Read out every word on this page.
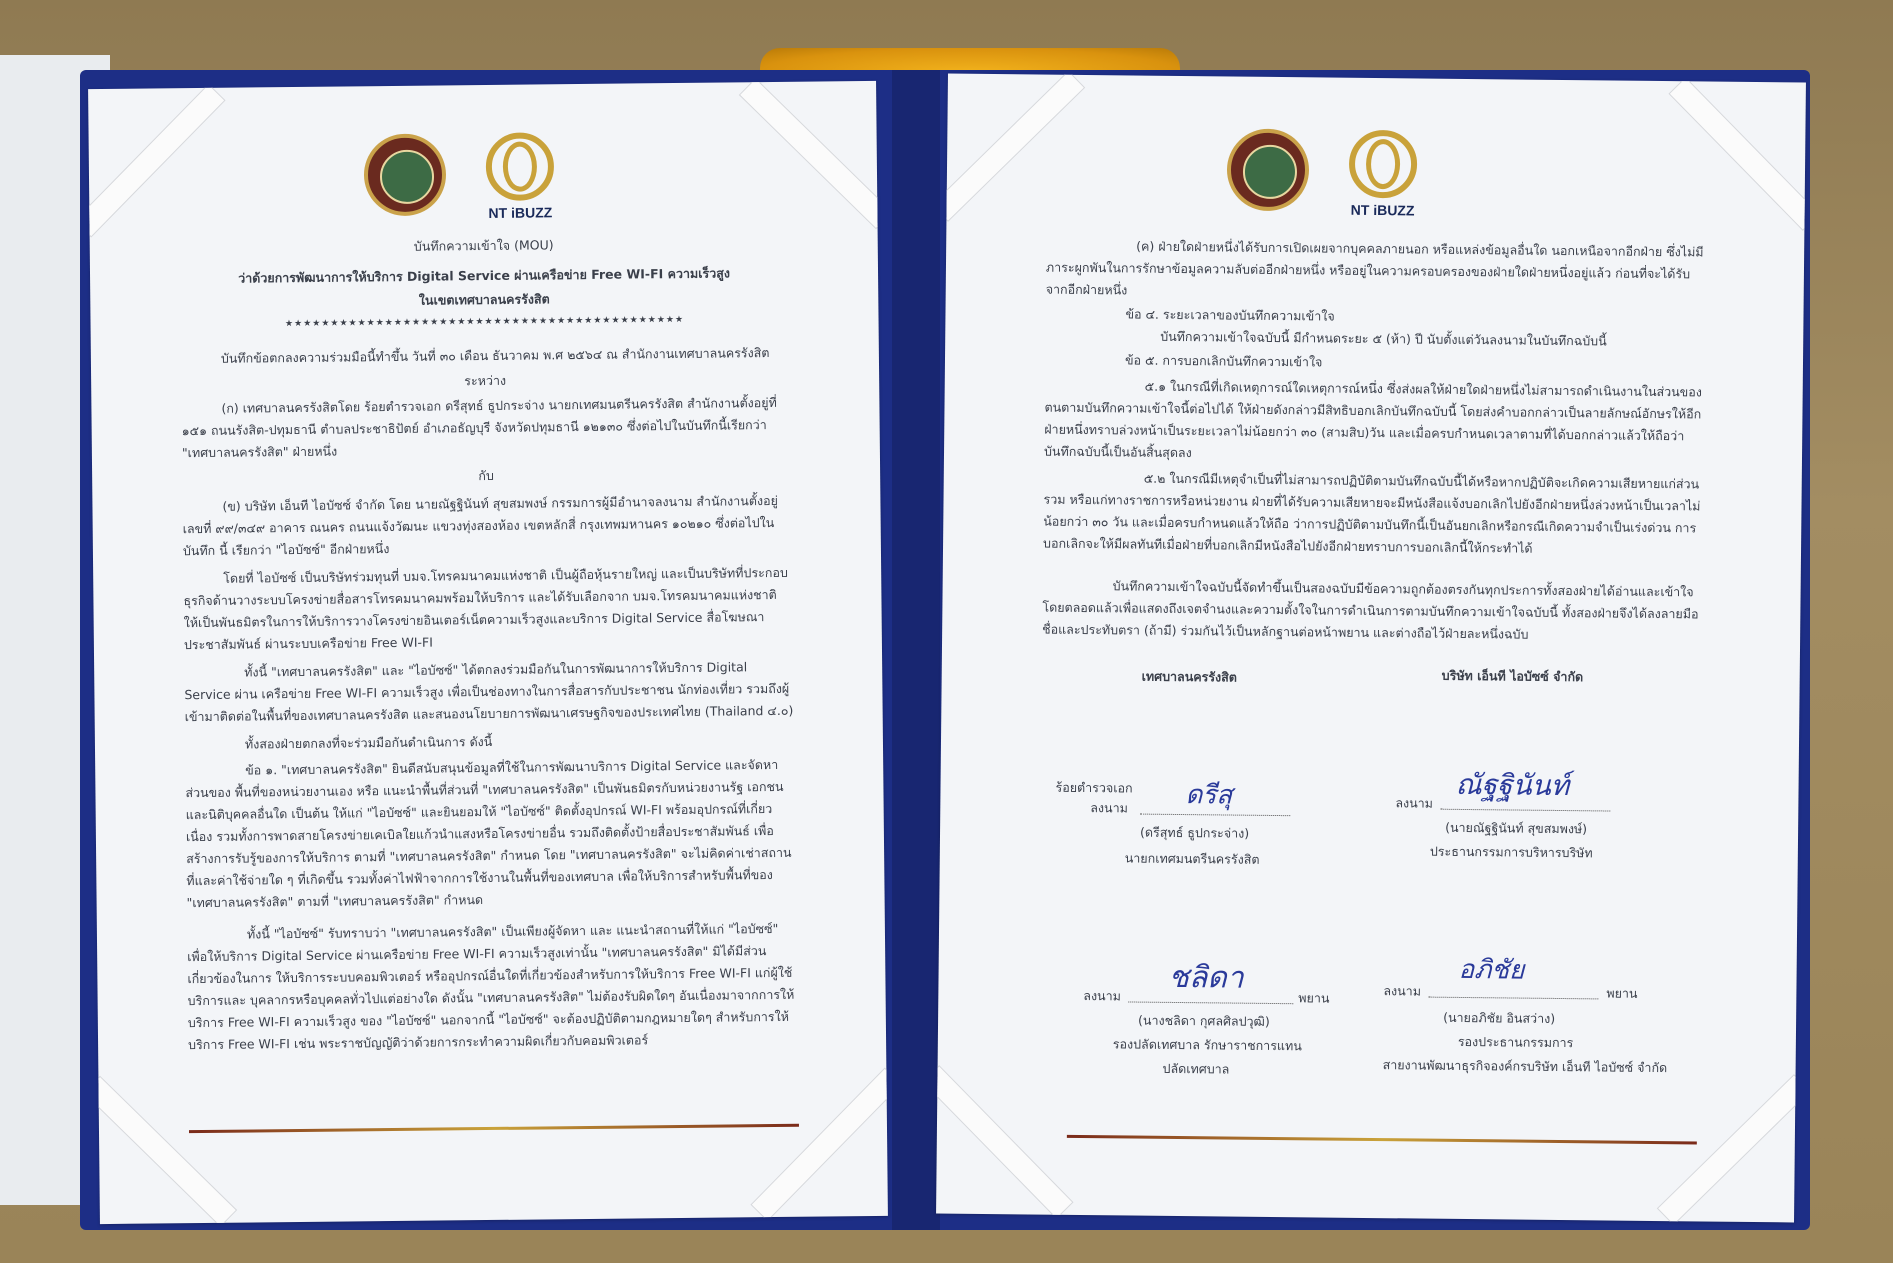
NT iBUZZ
บันทึกความเข้าใจ (MOU)
ว่าด้วยการพัฒนาการให้บริการ Digital Service ผ่านเครือข่าย Free WI-FI ความเร็วสูง
ในเขตเทศบาลนครรังสิต
★★★★★★★★★★★★★★★★★★★★★★★★★★★★★★★★★★★★★★★★★★★★
บันทึกข้อตกลงความร่วมมือนี้ทำขึ้น วันที่ ๓๐ เดือน ธันวาคม พ.ศ ๒๕๖๔ ณ สำนักงานเทศบาลนครรังสิต
ระหว่าง
(ก) เทศบาลนครรังสิตโดย ร้อยตำรวจเอก ดรีสุทธ์ ธูปกระจ่าง นายกเทศมนตรีนครรังสิต สำนักงานตั้งอยู่ที่ ๑๕๑ ถนนรังสิต-ปทุมธานี ตำบลประชาธิปัตย์ อำเภอธัญบุรี จังหวัดปทุมธานี ๑๒๑๓๐ ซึ่งต่อไปในบันทึกนี้เรียกว่า "เทศบาลนครรังสิต" ฝ่ายหนึ่ง
กับ
(ข) บริษัท เอ็นที ไอบัซซ์ จำกัด โดย นายณัฐฐินันท์ สุขสมพงษ์ กรรมการผู้มีอำนาจลงนาม สำนักงานตั้งอยู่เลขที่ ๙๙/๓๔๙ อาคาร ณนคร ถนนแจ้งวัฒนะ แขวงทุ่งสองห้อง เขตหลักสี่ กรุงเทพมหานคร ๑๐๒๑๐ ซึ่งต่อไปในบันทึก นี้ เรียกว่า "ไอบัซซ์" อีกฝ่ายหนึ่ง
โดยที่ ไอบัซซ์ เป็นบริษัทร่วมทุนที่ บมจ.โทรคมนาคมแห่งชาติ เป็นผู้ถือหุ้นรายใหญ่ และเป็นบริษัทที่ประกอบธุรกิจด้านวางระบบโครงข่ายสื่อสารโทรคมนาคมพร้อมให้บริการ และได้รับเลือกจาก บมจ.โทรคมนาคมแห่งชาติ ให้เป็นพันธมิตรในการให้บริการวางโครงข่ายอินเตอร์เน็ตความเร็วสูงและบริการ Digital Service สื่อโฆษณา ประชาสัมพันธ์ ผ่านระบบเครือข่าย Free WI-FI
ทั้งนี้ "เทศบาลนครรังสิต" และ "ไอบัซซ์" ได้ตกลงร่วมมือกันในการพัฒนาการให้บริการ Digital Service ผ่าน เครือข่าย Free WI-FI ความเร็วสูง เพื่อเป็นช่องทางในการสื่อสารกับประชาชน นักท่องเที่ยว รวมถึงผู้เข้ามาติดต่อในพื้นที่ของเทศบาลนครรังสิต และสนองนโยบายการพัฒนาเศรษฐกิจของประเทศไทย (Thailand ๔.๐)
ทั้งสองฝ่ายตกลงที่จะร่วมมือกันดำเนินการ ดังนี้
ข้อ ๑. "เทศบาลนครรังสิต" ยินดีสนับสนุนข้อมูลที่ใช้ในการพัฒนาบริการ Digital Service และจัดหาส่วนของ พื้นที่ของหน่วยงานเอง หรือ แนะนำพื้นที่ส่วนที่ "เทศบาลนครรังสิต" เป็นพันธมิตรกับหน่วยงานรัฐ เอกชน และนิติบุคคลอื่นใด เป็นต้น ให้แก่ "ไอบัซซ์" และยินยอมให้ "ไอบัซซ์" ติดตั้งอุปกรณ์ WI-FI พร้อมอุปกรณ์ที่เกี่ยวเนื่อง รวมทั้งการพาดสายโครงข่ายเคเบิลใยแก้วนำแสงหรือโครงข่ายอื่น รวมถึงติดตั้งป้ายสื่อประชาสัมพันธ์ เพื่อสร้างการรับรู้ของการให้บริการ ตามที่ "เทศบาลนครรังสิต" กำหนด โดย "เทศบาลนครรังสิต" จะไม่คิดค่าเช่าสถานที่และค่าใช้จ่ายใด ๆ ที่เกิดขึ้น รวมทั้งค่าไฟฟ้าจากการใช้งานในพื้นที่ของเทศบาล เพื่อให้บริการสำหรับพื้นที่ของ "เทศบาลนครรังสิต" ตามที่ "เทศบาลนครรังสิต" กำหนด
ทั้งนี้ "ไอบัซซ์" รับทราบว่า "เทศบาลนครรังสิต" เป็นเพียงผู้จัดหา และ แนะนำสถานที่ให้แก่ "ไอบัซซ์" เพื่อให้บริการ Digital Service ผ่านเครือข่าย Free WI-FI ความเร็วสูงเท่านั้น "เทศบาลนครรังสิต" มิได้มีส่วนเกี่ยวข้องในการ ให้บริการระบบคอมพิวเตอร์ หรืออุปกรณ์อื่นใดที่เกี่ยวข้องสำหรับการให้บริการ Free WI-FI แก่ผู้ใช้บริการและ บุคลากรหรือบุคคลทั่วไปแต่อย่างใด ดังนั้น "เทศบาลนครรังสิต" ไม่ต้องรับผิดใดๆ อันเนื่องมาจากการให้บริการ Free WI-FI ความเร็วสูง ของ "ไอบัซซ์" นอกจากนี้ "ไอบัซซ์" จะต้องปฏิบัติตามกฎหมายใดๆ สำหรับการให้บริการ Free WI-FI เช่น พระราชบัญญัติว่าด้วยการกระทำความผิดเกี่ยวกับคอมพิวเตอร์
NT iBUZZ
(ค) ฝ่ายใดฝ่ายหนึ่งได้รับการเปิดเผยจากบุคคลภายนอก หรือแหล่งข้อมูลอื่นใด นอกเหนือจากอีกฝ่าย ซึ่งไม่มีภาระผูกพันในการรักษาข้อมูลความลับต่ออีกฝ่ายหนึ่ง หรืออยู่ในความครอบครองของฝ่ายใดฝ่ายหนึ่งอยู่แล้ว ก่อนที่จะได้รับจากอีกฝ่ายหนึ่ง
ข้อ ๔. ระยะเวลาของบันทึกความเข้าใจ
บันทึกความเข้าใจฉบับนี้ มีกำหนดระยะ ๕ (ห้า) ปี นับตั้งแต่วันลงนามในบันทึกฉบับนี้
ข้อ ๕. การบอกเลิกบันทึกความเข้าใจ
๕.๑ ในกรณีที่เกิดเหตุการณ์ใดเหตุการณ์หนึ่ง ซึ่งส่งผลให้ฝ่ายใดฝ่ายหนึ่งไม่สามารถดำเนินงานในส่วนของตนตามบันทึกความเข้าใจนี้ต่อไปได้ ให้ฝ่ายดังกล่าวมีสิทธิบอกเลิกบันทึกฉบับนี้ โดยส่งคำบอกกล่าวเป็นลายลักษณ์อักษรให้อีกฝ่ายหนึ่งทราบล่วงหน้าเป็นระยะเวลาไม่น้อยกว่า ๓๐ (สามสิบ)วัน และเมื่อครบกำหนดเวลาตามที่ได้บอกกล่าวแล้วให้ถือว่าบันทึกฉบับนี้เป็นอันสิ้นสุดลง
๕.๒ ในกรณีมีเหตุจำเป็นที่ไม่สามารถปฏิบัติตามบันทึกฉบับนี้ได้หรือหากปฏิบัติจะเกิดความเสียหายแก่ส่วนรวม หรือแก่ทางราชการหรือหน่วยงาน ฝ่ายที่ได้รับความเสียหายจะมีหนังสือแจ้งบอกเลิกไปยังอีกฝ่ายหนึ่งล่วงหน้าเป็นเวลาไม่น้อยกว่า ๓๐ วัน และเมื่อครบกำหนดแล้วให้ถือ ว่าการปฏิบัติตามบันทึกนี้เป็นอันยกเลิกหรือกรณีเกิดความจำเป็นเร่งด่วน การบอกเลิกจะให้มีผลทันทีเมื่อฝ่ายที่บอกเลิกมีหนังสือไปยังอีกฝ่ายทราบการบอกเลิกนี้ให้กระทำได้
บันทึกความเข้าใจฉบับนี้จัดทำขึ้นเป็นสองฉบับมีข้อความถูกต้องตรงกันทุกประการทั้งสองฝ่ายได้อ่านและเข้าใจโดยตลอดแล้วเพื่อแสดงถึงเจตจำนงและความตั้งใจในการดำเนินการตามบันทึกความเข้าใจฉบับนี้ ทั้งสองฝ่ายจึงได้ลงลายมือชื่อและประทับตรา (ถ้ามี) ร่วมกันไว้เป็นหลักฐานต่อหน้าพยาน และต่างถือไว้ฝ่ายละหนึ่งฉบับ
เทศบาลนครรังสิต	บริษัท เอ็นที ไอบัซซ์ จำกัด
ร้อยตำรวจเอก
ลงนาม ดรีสุ
(ดรีสุทธ์ ธูปกระจ่าง)
นายกเทศมนตรีนครรังสิต
ลงนาม
ณัฐฐินันท์
(นายณัฐฐินันท์ สุขสมพงษ์)
ประธานกรรมการบริหารบริษัท
ลงนาม	พยาน
ชลิดา
(นางชลิดา กุศลศิลปวุฒิ)
รองปลัดเทศบาล รักษาราชการแทน
ปลัดเทศบาล
ลงนาม	พยาน
อภิชัย
(นายอภิชัย อินสว่าง)
รองประธานกรรมการ
สายงานพัฒนาธุรกิจองค์กรบริษัท เอ็นที ไอบัซซ์ จำกัด
